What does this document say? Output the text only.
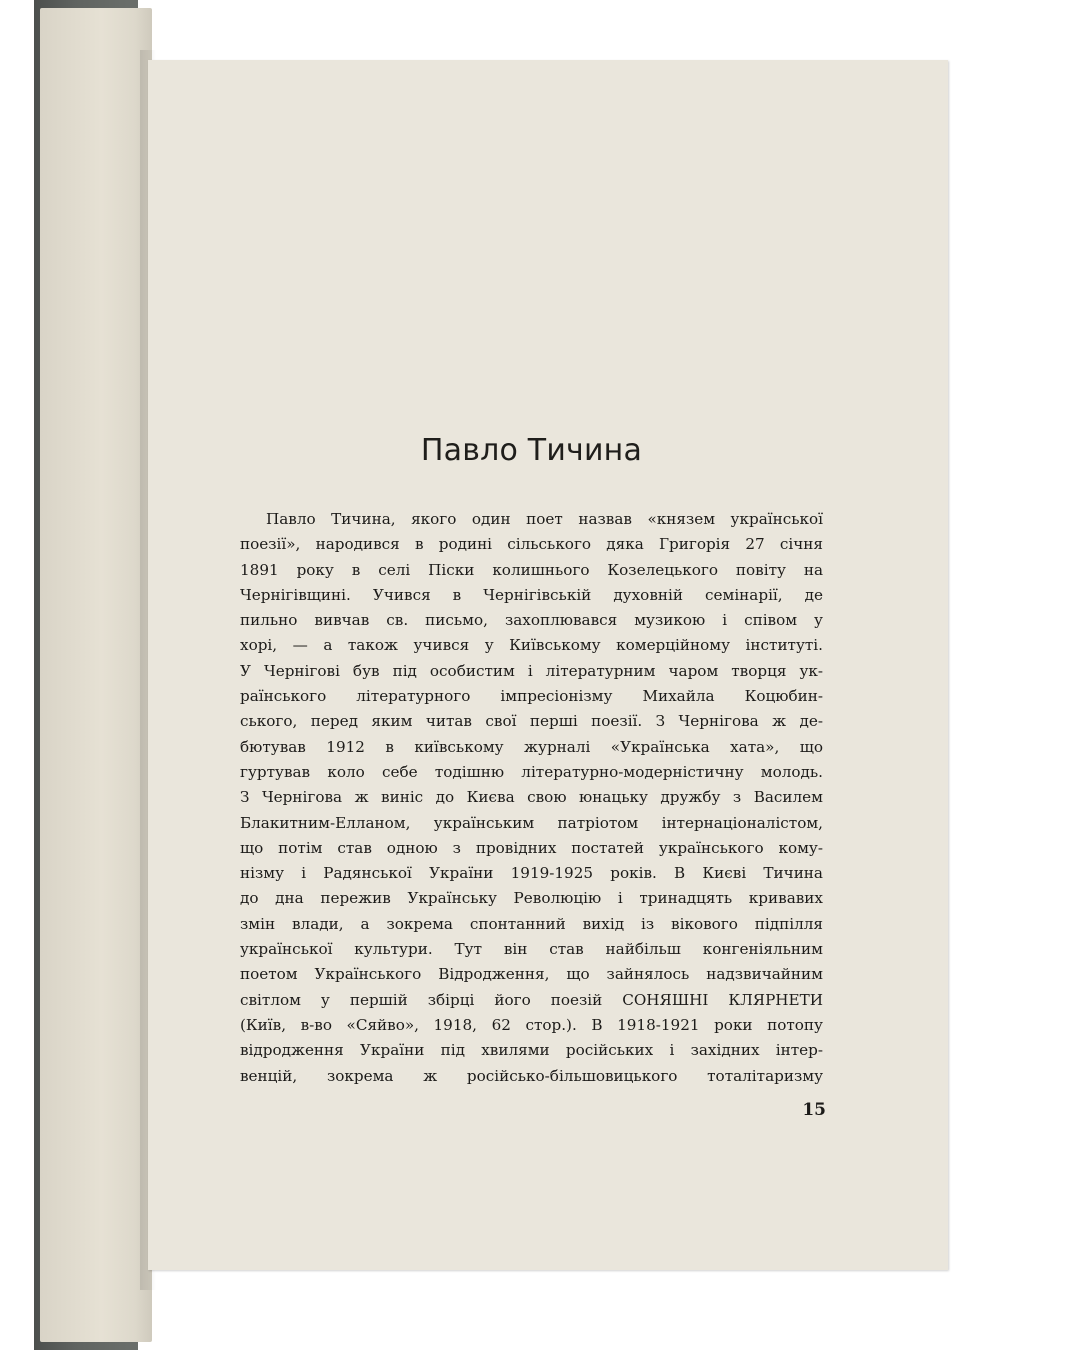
Павло Тичина
Павло Тичина, якого один поет назвав «князем української
поезії», народився в родині сільського дяка Григорія 27 січня
1891 року в селі Піски колишнього Козелецького повіту на
Чернігівщині. Учився в Чернігівській духовній семінарії, де
пильно вивчав св. письмо, захоплювався музикою і співом у
хорі, — а також учився у Київському комерційному інституті.
У Чернігові був під особистим і літературним чаром творця ук-
раїнського літературного імпресіонізму Михайла Коцюбин-
ського, перед яким читав свої перші поезії. З Чернігова ж де-
бютував 1912 в київському журналі «Українська хата», що
гуртував коло себе тодішню літературно-модерністичну молодь.
З Чернігова ж виніс до Києва свою юнацьку дружбу з Василем
Блакитним-Елланом, українським патріотом інтернаціоналістом,
що потім став одною з провідних постатей українського кому-
нізму і Радянської України 1919-1925 років. В Києві Тичина
до дна пережив Українську Революцію і тринадцять кривавих
змін влади, а зокрема спонтанний вихід із вікового підпілля
української культури. Тут він став найбільш конгеніяльним
поетом Українського Відродження, що зайнялось надзвичайним
світлом у першій збірці його поезій СОНЯШНІ КЛЯРНЕТИ
(Київ, в-во «Сяйво», 1918, 62 стор.). В 1918-1921 роки потопу
відродження України під хвилями російських і західних інтер-
венцій, зокрема ж російсько-більшовицького тоталітаризму
15
